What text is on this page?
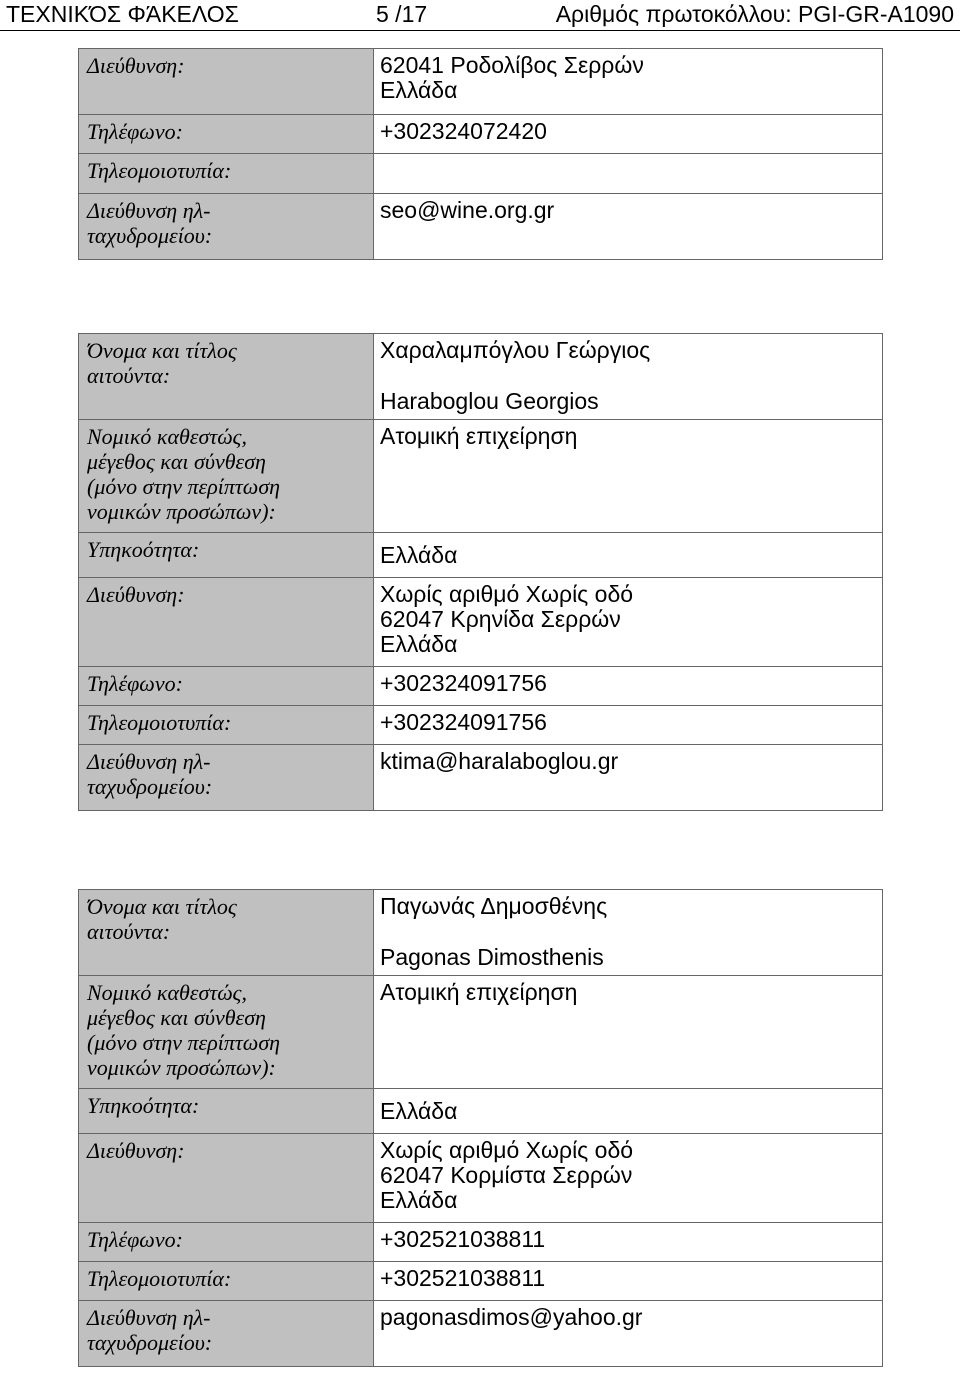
ΤΕΧΝΙΚΌΣ ΦΆΚΕΛΟΣ	5 /17	Αριθμός πρωτοκόλλου: PGI-GR-A1090
Διεύθυνση:	62041 Ροδολίβος Σερρών
Ελλάδα

Τηλέφωνο:	+302324072420
Τηλεομοιοτυπία:	

Διεύθυνση ηλ-
ταχυδρομείου:	seo@wine.org.gr
Όνομα και τίτλος
αιτούντα:	Χαραλαμπόγλου Γεώργιος
Haraboglou Georgios

Νομικό καθεστώς,
μέγεθος και σύνθεση
(μόνο στην περίπτωση
νομικών προσώπων):	Ατομική επιχείρηση
Υπηκοότητα:	Ελλάδα
Διεύθυνση:	Χωρίς αριθμό Χωρίς οδό
62047 Κρηνίδα Σερρών
Ελλάδα

Τηλέφωνο:	+302324091756
Τηλεομοιοτυπία:	+302324091756

Διεύθυνση ηλ-
ταχυδρομείου:	ktima@haralaboglou.gr
Όνομα και τίτλος
αιτούντα:	Παγωνάς Δημοσθένης
Pagonas Dimosthenis

Νομικό καθεστώς,
μέγεθος και σύνθεση
(μόνο στην περίπτωση
νομικών προσώπων):	Ατομική επιχείρηση
Υπηκοότητα:	Ελλάδα
Διεύθυνση:	Χωρίς αριθμό Χωρίς οδό
62047 Κορμίστα Σερρών
Ελλάδα

Τηλέφωνο:	+302521038811
Τηλεομοιοτυπία:	+302521038811

Διεύθυνση ηλ-
ταχυδρομείου:	pagonasdimos@yahoo.gr
